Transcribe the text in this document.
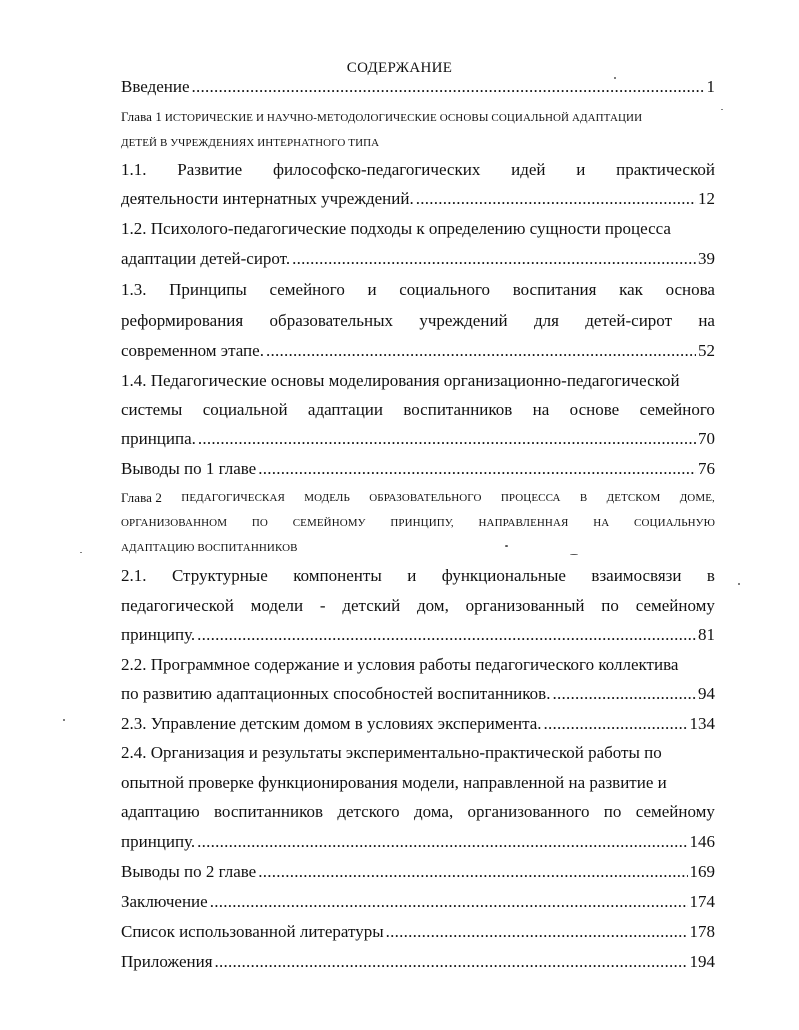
СОДЕРЖАНИЕ
Введение . . .	1
Глава 1 ИСТОРИЧЕСКИЕ И НАУЧНО-МЕТОДОЛОГИЧЕСКИЕ ОСНОВЫ СОЦИАЛЬНОЙ АДАПТАЦИИ
ДЕТЕЙ В УЧРЕЖДЕНИЯХ ИНТЕРНАТНОГО ТИПА
1.1. Развитие философско-педагогических идей и практической
деятельности интернатных учреждений. . . .	12
1.2. Психолого-педагогические подходы к определению сущности процесса
адаптации детей-сирот. . . .	39
1.3. Принципы семейного и социального воспитания как основа
реформирования образовательных учреждений для детей-сирот на
современном этапе. . . .	52
1.4. Педагогические основы моделирования организационно-педагогической
системы социальной адаптации воспитанников на основе семейного
принципа. . . .	70
Выводы по 1 главе . . .	76
Глава 2 ПЕДАГОГИЧЕСКАЯ МОДЕЛЬ ОБРАЗОВАТЕЛЬНОГО ПРОЦЕССА В ДЕТСКОМ ДОМЕ,
ОРГАНИЗОВАННОМ ПО СЕМЕЙНОМУ ПРИНЦИПУ, НАПРАВЛЕННАЯ НА СОЦИАЛЬНУЮ
АДАПТАЦИЮ ВОСПИТАННИКОВ
2.1. Структурные компоненты и функциональные взаимосвязи в
педагогической модели - детский дом, организованный по семейному
принципу. . . .	81
2.2. Программное содержание и условия работы педагогического коллектива
по развитию адаптационных способностей воспитанников. . . .	94
2.3. Управление детским домом в условиях эксперимента. . . .	134
2.4. Организация и результаты экспериментально-практической работы по
опытной проверке функционирования модели, направленной на развитие и
адаптацию воспитанников детского дома, организованного по семейному
принципу. . . .	146
Выводы по 2 главе . . .	169
Заключение . . .	174
Список использованной литературы . . .	178
Приложения . . .	194
